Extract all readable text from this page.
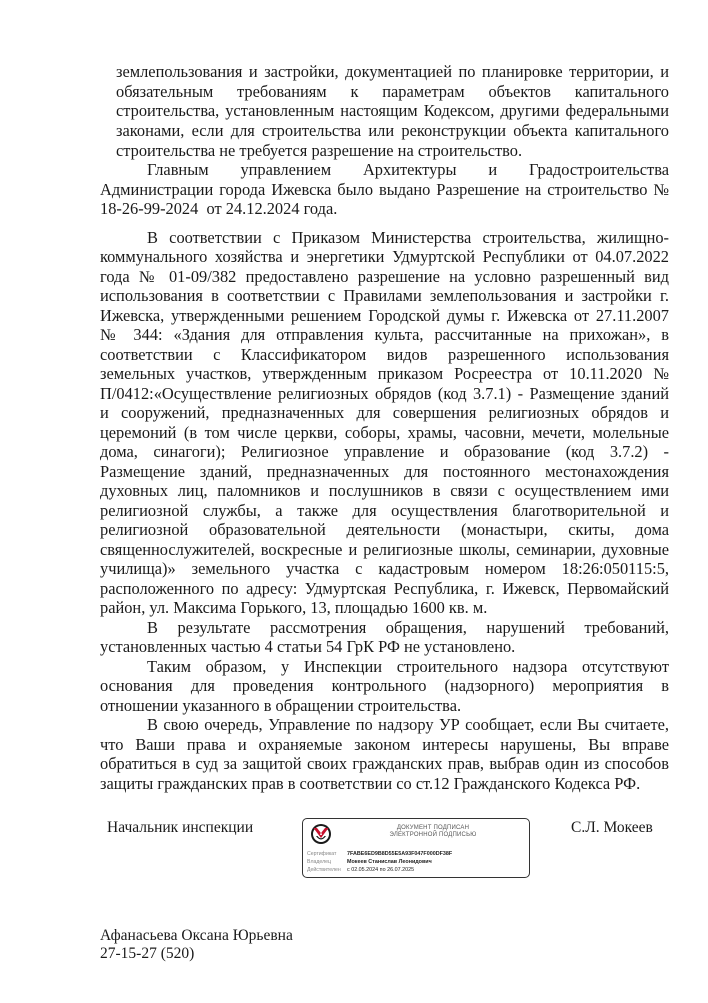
землепользования и застройки, документацией по планировке территории, и
обязательным требованиям к параметрам объектов капитального
строительства, установленным настоящим Кодексом, другими федеральными
законами, если для строительства или реконструкции объекта капитального
строительства не требуется разрешение на строительство.
Главным управлением Архитектуры и Градостроительства
Администрации города Ижевска было выдано Разрешение на строительство №
18-26-99-2024  от 24.12.2024 года.
В соответствии с Приказом Министерства строительства, жилищно-
коммунального хозяйства и энергетики Удмуртской Республики от 04.07.2022
года № 01-09/382 предоставлено разрешение на условно разрешенный вид
использования в соответствии с Правилами землепользования и застройки г.
Ижевска, утвержденными решением Городской думы г. Ижевска от 27.11.2007
№ 344: «Здания для отправления культа, рассчитанные на прихожан», в
соответствии с Классификатором видов разрешенного использования
земельных участков, утвержденным приказом Росреестра от 10.11.2020 №
П/0412:«Осуществление религиозных обрядов (код 3.7.1) - Размещение зданий
и сооружений, предназначенных для совершения религиозных обрядов и
церемоний (в том числе церкви, соборы, храмы, часовни, мечети, молельные
дома, синагоги); Религиозное управление и образование (код 3.7.2) -
Размещение зданий, предназначенных для постоянного местонахождения
духовных лиц, паломников и послушников в связи с осуществлением ими
религиозной службы, а также для осуществления благотворительной и
религиозной образовательной деятельности (монастыри, скиты, дома
священнослужителей, воскресные и религиозные школы, семинарии, духовные
училища)» земельного участка с кадастровым номером 18:26:050115:5,
расположенного по адресу: Удмуртская Республика, г. Ижевск, Первомайский
район, ул. Максима Горького, 13, площадью 1600 кв. м.
В результате рассмотрения обращения, нарушений требований,
установленных частью 4 статьи 54 ГрК РФ не установлено.
Таким образом, у Инспекции строительного надзора отсутствуют
основания для проведения контрольного (надзорного) мероприятия в
отношении указанного в обращении строительства.
В свою очередь, Управление по надзору УР сообщает, если Вы считаете,
что Ваши права и охраняемые законом интересы нарушены, Вы вправе
обратиться в суд за защитой своих гражданских прав, выбрав один из способов
защиты гражданских прав в соответствии со ст.12 Гражданского Кодекса РФ.
Начальник инспекции	ДОКУМЕНТ ПОДПИСАН
ЭЛЕКТРОННОЙ ПОДПИСЬЮ
Сертификат 7FABE6ED9B8D55E5A93F047F000DF38F
Владелец	Мокеев Станислав Леонидович
Действителен с 02.05.2024 по 26.07.2025
С.Л. Мокеев
Афанасьева Оксана Юрьевна
27-15-27 (520)
